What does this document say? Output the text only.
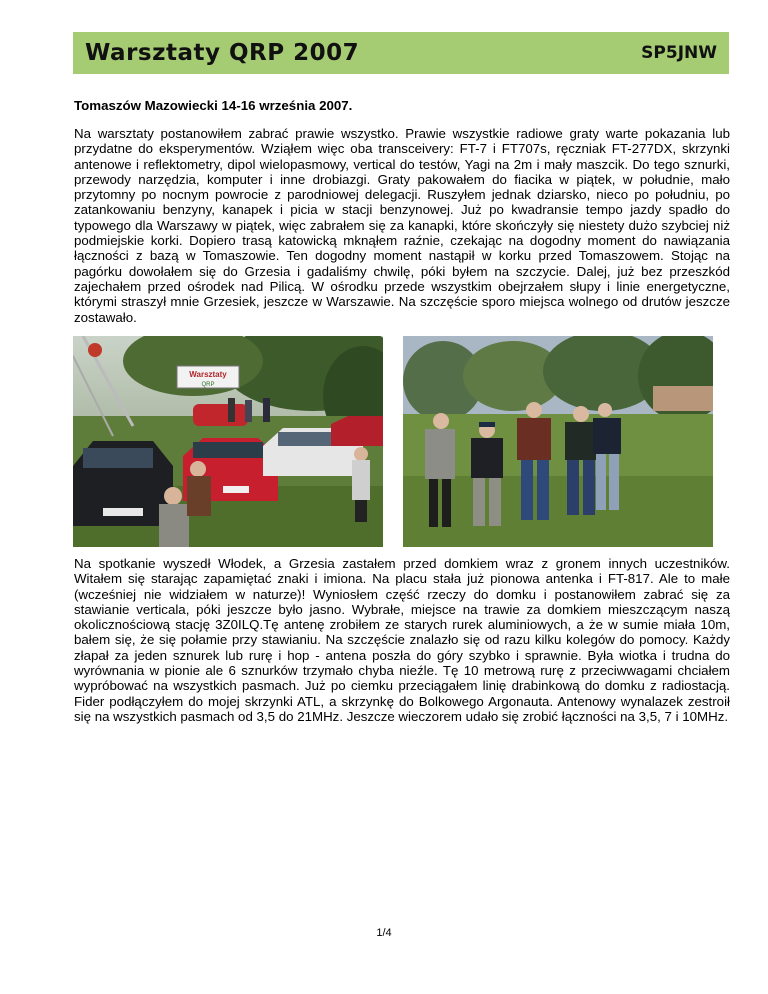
Warsztaty QRP 2007	SP5JNW
Tomaszów Mazowiecki 14-16 września 2007.

Na warsztaty postanowiłem zabrać prawie wszystko. Prawie wszystkie radiowe graty warte pokazania lub przydatne do eksperymentów. Wziąłem więc oba transceivery: FT-7 i FT707s, ręczniak FT-277DX, skrzynki antenowe i reflektometry, dipol wielopasmowy, vertical do testów, Yagi na 2m i mały maszcik. Do tego sznurki, przewody narzędzia, komputer i inne drobiazgi. Graty pakowałem do fiacika w piątek, w południe, mało przytomny po nocnym powrocie z parodniowej delegacji. Ruszyłem jednak dziarsko, nieco po południu, po zatankowaniu benzyny, kanapek i picia w stacji benzynowej. Już po kwadransie tempo jazdy spadło do typowego dla Warszawy w piątek, więc zabrałem się za kanapki, które skończyły się niestety dużo szybciej niż podmiejskie korki. Dopiero trasą katowicką mknąłem raźnie, czekając na dogodny moment do nawiązania łączności z bazą w Tomaszowie. Ten dogodny moment nastąpił w korku przed Tomaszowem. Stojąc na pagórku dowołałem się do Grzesia i gadaliśmy chwilę, póki byłem na szczycie. Dalej, już bez przeszkód zajechałem przed ośrodek nad Pilicą. W ośrodku przede wszystkim obejrzałem słupy i linie energetyczne, którymi straszył mnie Grzesiek, jeszcze w Warszawie. Na szczęście sporo miejsca wolnego od drutów jeszcze zostawało.

Warsztaty
QRP

Na spotkanie wyszedł Włodek, a Grzesia zastałem przed domkiem wraz z gronem innych uczestników. Witałem się starając zapamiętać znaki i imiona. Na placu stała już pionowa antenka i FT-817. Ale to małe (wcześniej nie widziałem w naturze)! Wyniosłem część rzeczy do domku i postanowiłem zabrać się za stawianie verticala, póki jeszcze było jasno. Wybrałe, miejsce na trawie za domkiem mieszczącym naszą okolicznościową stację 3Z0ILQ.Tę antenę zrobiłem ze starych rurek aluminiowych, a że w sumie miała 10m, bałem się, że się połamie przy stawianiu. Na szczęście znalazło się od razu kilku kolegów do pomocy. Każdy złapał za jeden sznurek lub rurę i hop - antena poszła do góry szybko i sprawnie. Była wiotka i trudna do wyrównania w pionie ale 6 sznurków trzymało chyba nieźle. Tę 10 metrową rurę z przeciwwagami chciałem wypróbować na wszystkich pasmach. Już po ciemku przeciągałem linię drabinkową do domku z radiostacją. Fider podłączyłem do mojej skrzynki ATL, a skrzynkę do Bolkowego Argonauta. Antenowy wynalazek zestroił się na wszystkich pasmach od 3,5 do 21MHz. Jeszcze wieczorem udało się zrobić łączności na 3,5, 7 i 10MHz.

1/4
